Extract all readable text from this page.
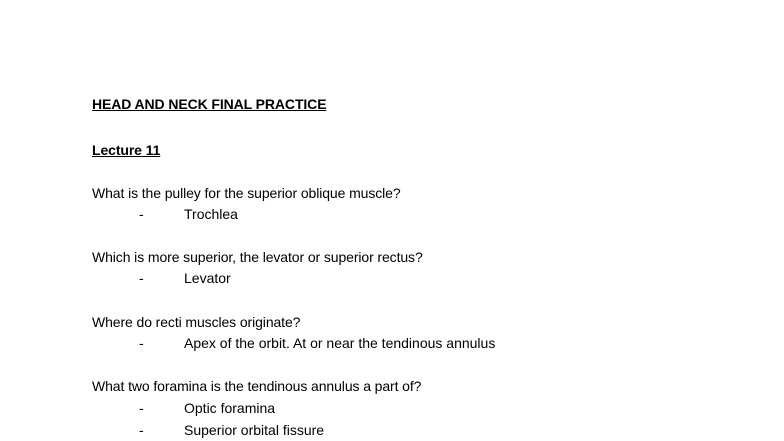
HEAD AND NECK FINAL PRACTICE
Lecture 11
What is the pulley for the superior oblique muscle?
-	Trochlea
Which is more superior, the levator or superior rectus?
-	Levator
Where do recti muscles originate?
-	Apex of the orbit. At or near the tendinous annulus
What two foramina is the tendinous annulus a part of?
-	Optic foramina
-	Superior orbital fissure
